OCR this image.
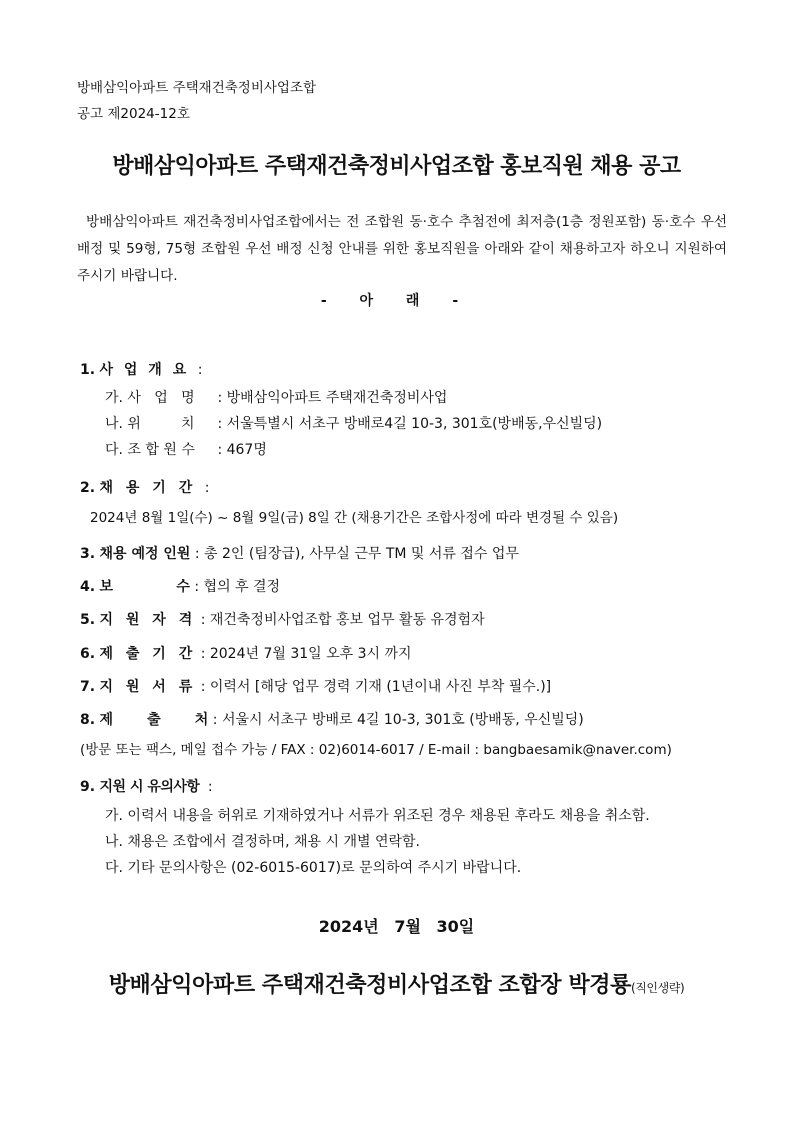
방배삼익아파트 주택재건축정비사업조합
공고 제2024-12호
방배삼익아파트 주택재건축정비사업조합 홍보직원 채용 공고
방배삼익아파트 재건축정비사업조합에서는 전 조합원 동·호수 추첨전에 최저층(1층 정원포함) 동·호수 우선 배정 및 59형, 75형 조합원 우선 배정 신청 안내를 위한 홍보직원을 아래와 같이 채용하고자 하오니 지원하여 주시기 바랍니다.
- 아 래 -
1. 사 업 개 요 :
가. 사   업   명 : 방배삼익아파트 주택재건축정비사업
나. 위         치 : 서울특별시 서초구 방배로4길 10-3, 301호(방배동,우신빌딩)
다. 조 합 원 수 : 467명
2. 채 용 기 간 :
2024년 8월 1일(수) ~ 8월 9일(금) 8일 간 (채용기간은 조합사정에 따라 변경될 수 있음)
3. 채용 예정 인원 : 총 2인 (팀장급), 사무실 근무 TM 및 서류 접수 업무
4. 보             수 : 협의 후 결정
5. 지 원 자 격 : 재건축정비사업조합 홍보 업무 활동 유경험자
6. 제 출 기 간 : 2024년 7월 31일 오후 3시 까지
7. 지 원 서 류 : 이력서 [해당 업무 경력 기재 (1년이내 사진 부착 필수.)]
8. 제       출       처 : 서울시 서초구 방배로 4길 10-3, 301호 (방배동, 우신빌딩)
(방문 또는 팩스, 메일 접수 가능 / FAX : 02)6014-6017 / E-mail : bangbaesamik@naver.com)
9. 지원 시 유의사항 :
가. 이력서 내용을 허위로 기재하였거나 서류가 위조된 경우 채용된 후라도 채용을 취소함.
나. 채용은 조합에서 결정하며, 채용 시 개별 연락함.
다. 기타 문의사항은 (02-6015-6017)로 문의하여 주시기 바랍니다.
2024년 7월 30일
방배삼익아파트 주택재건축정비사업조합 조합장 박경룡(직인생략)
